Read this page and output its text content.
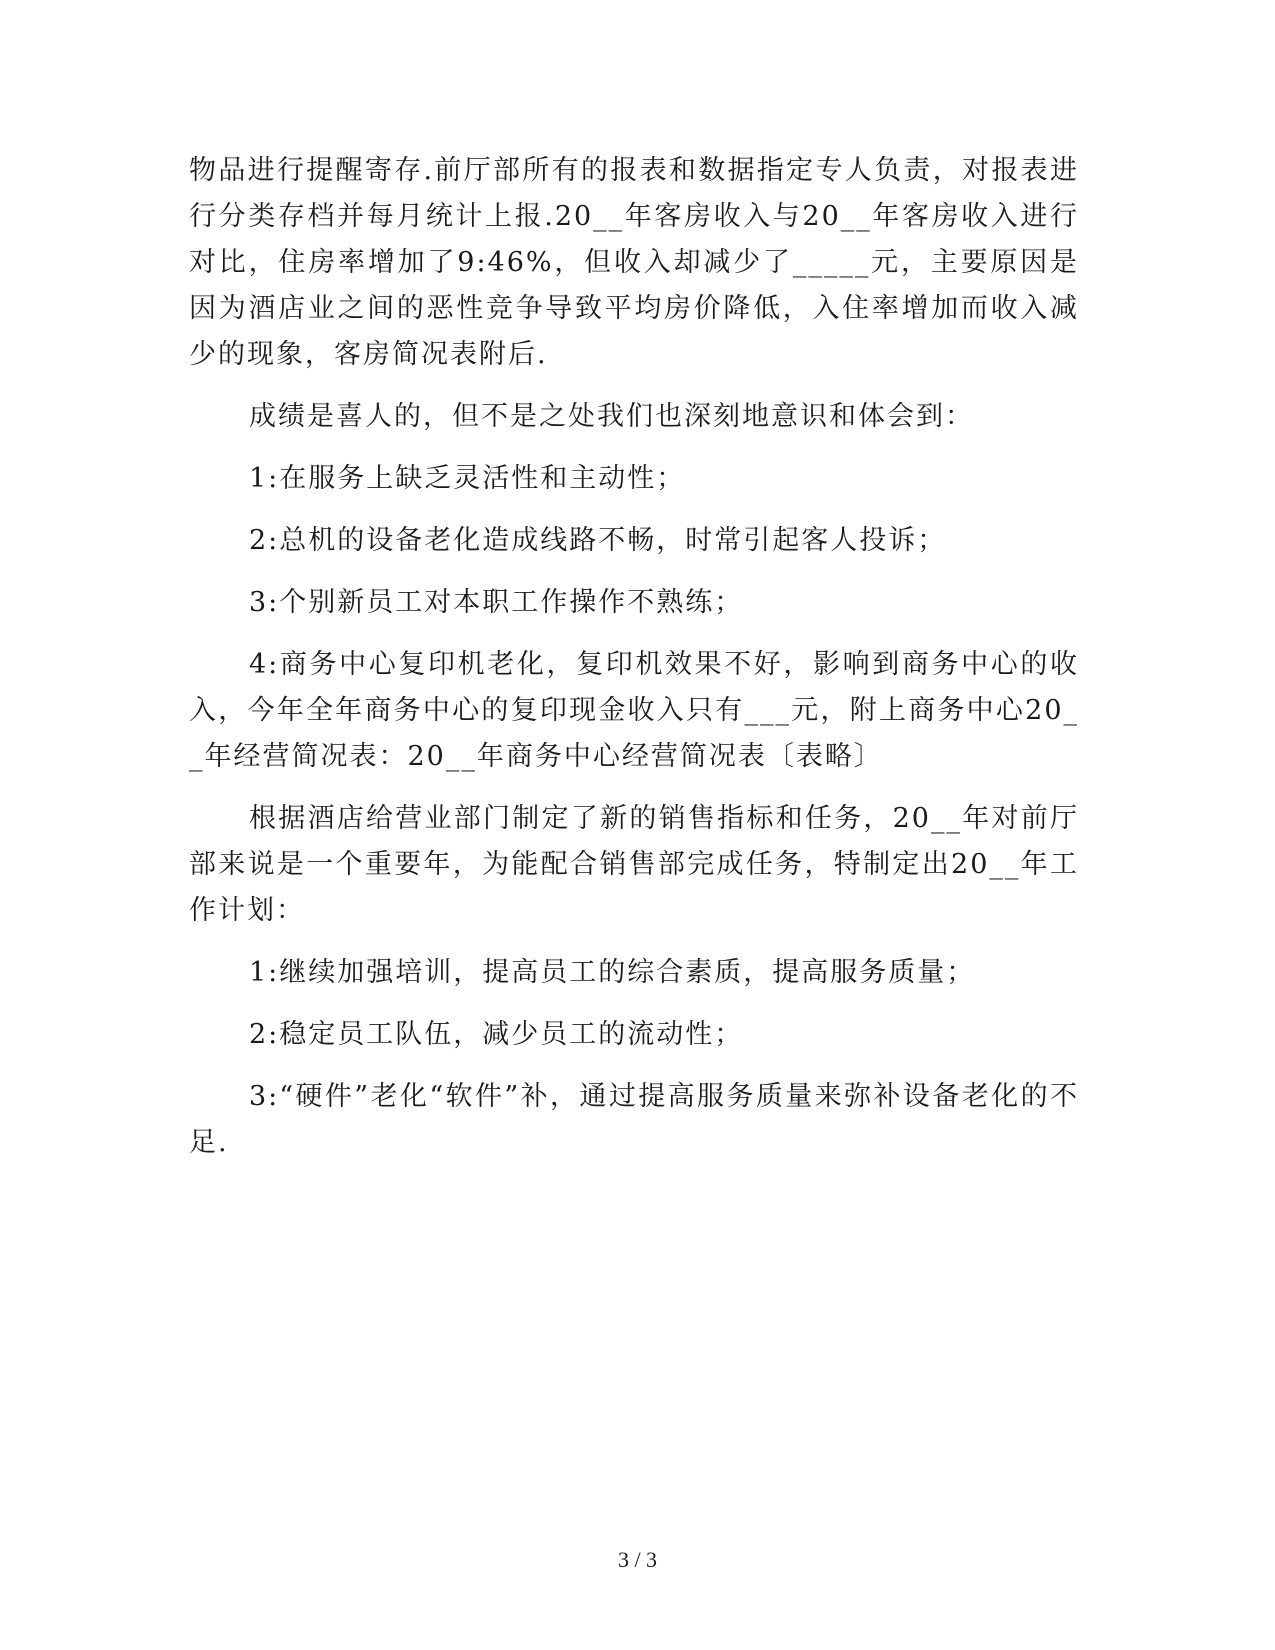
物品进行提醒寄存.前厅部所有的报表和数据指定专人负责，对报表进行分类存档并每月统计上报.20__年客房收入与20__年客房收入进行对比，住房率增加了9:46%，但收入却减少了_____元，主要原因是因为酒店业之间的恶性竞争导致平均房价降低，入住率增加而收入减少的现象，客房简况表附后.

成绩是喜人的，但不是之处我们也深刻地意识和体会到：

1:在服务上缺乏灵活性和主动性；

2:总机的设备老化造成线路不畅，时常引起客人投诉；

3:个别新员工对本职工作操作不熟练；

4:商务中心复印机老化，复印机效果不好，影响到商务中心的收入，今年全年商务中心的复印现金收入只有___元，附上商务中心20__年经营简况表：20__年商务中心经营简况表〔表略〕

根据酒店给营业部门制定了新的销售指标和任务，20__年对前厅部来说是一个重要年，为能配合销售部完成任务，特制定出20__年工作计划：

1:继续加强培训，提高员工的综合素质，提高服务质量；

2:稳定员工队伍，减少员工的流动性；

3:“硬件”老化“软件”补，通过提高服务质量来弥补设备老化的不足.

3 / 3
